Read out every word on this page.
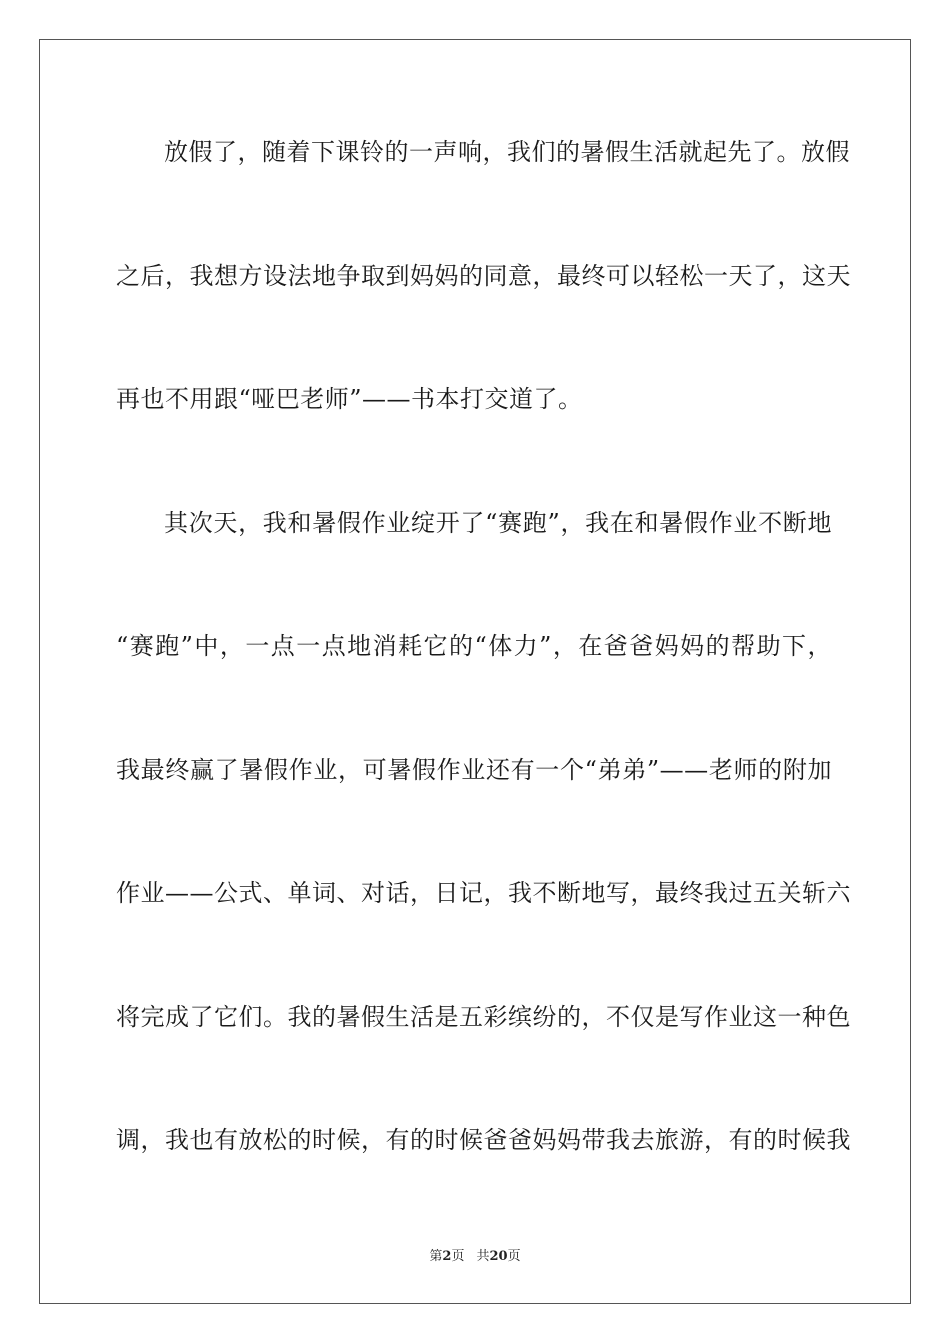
放假了，随着下课铃的一声响，我们的暑假生活就起先了。放假
之后，我想方设法地争取到妈妈的同意，最终可以轻松一天了，这天
再也不用跟“哑巴老师”——书本打交道了。
其次天，我和暑假作业绽开了“赛跑”，我在和暑假作业不断地
“赛跑”中，一点一点地消耗它的“体力”，在爸爸妈妈的帮助下，
我最终赢了暑假作业，可暑假作业还有一个“弟弟”——老师的附加
作业——公式、单词、对话，日记，我不断地写，最终我过五关斩六
将完成了它们。我的暑假生活是五彩缤纷的，不仅是写作业这一种色
调，我也有放松的时候，有的时候爸爸妈妈带我去旅游，有的时候我
第2页 共20页
